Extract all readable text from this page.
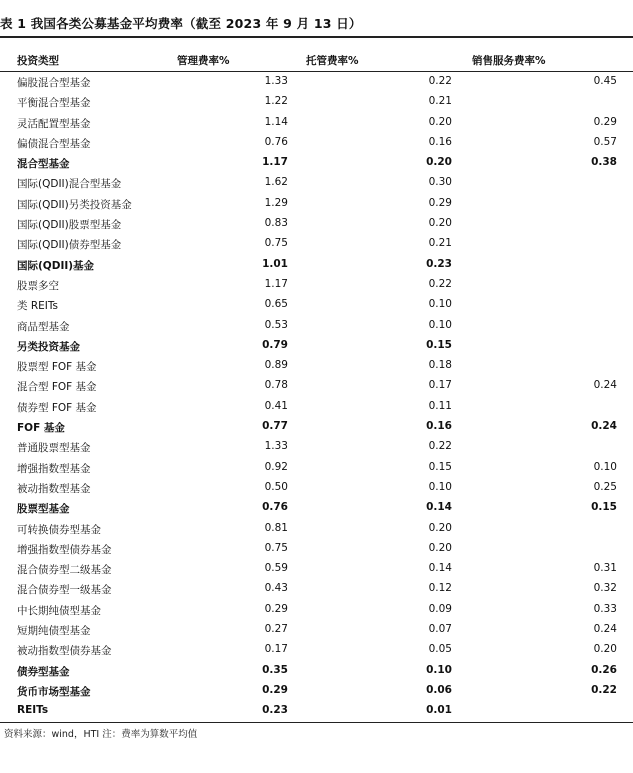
表 1 我国各类公募基金平均费率（截至 2023 年 9 月 13 日）
投资类型	管理费率%	托管费率%	销售服务费率%
偏股混合型基金	1.33	0.22	0.45
平衡混合型基金	1.22	0.21
灵活配置型基金	1.14	0.20	0.29
偏债混合型基金	0.76	0.16	0.57
混合型基金	1.17	0.20	0.38
国际(QDII)混合型基金	1.62	0.30
国际(QDII)另类投资基金	1.29	0.29
国际(QDII)股票型基金	0.83	0.20
国际(QDII)债券型基金	0.75	0.21
国际(QDII)基金	1.01	0.23
股票多空	1.17	0.22
类 REITs	0.65	0.10
商品型基金	0.53	0.10
另类投资基金	0.79	0.15
股票型 FOF 基金	0.89	0.18
混合型 FOF 基金	0.78	0.17	0.24
债券型 FOF 基金	0.41	0.11
FOF 基金	0.77	0.16	0.24
普通股票型基金	1.33	0.22
增强指数型基金	0.92	0.15	0.10
被动指数型基金	0.50	0.10	0.25
股票型基金	0.76	0.14	0.15
可转换债券型基金	0.81	0.20
增强指数型债券基金	0.75	0.20
混合债券型二级基金	0.59	0.14	0.31
混合债券型一级基金	0.43	0.12	0.32
中长期纯债型基金	0.29	0.09	0.33
短期纯债型基金	0.27	0.07	0.24
被动指数型债券基金	0.17	0.05	0.20
债券型基金	0.35	0.10	0.26
货币市场型基金	0.29	0.06	0.22
REITs	0.23	0.01
资料来源：wind，HTI 注：费率为算数平均值
